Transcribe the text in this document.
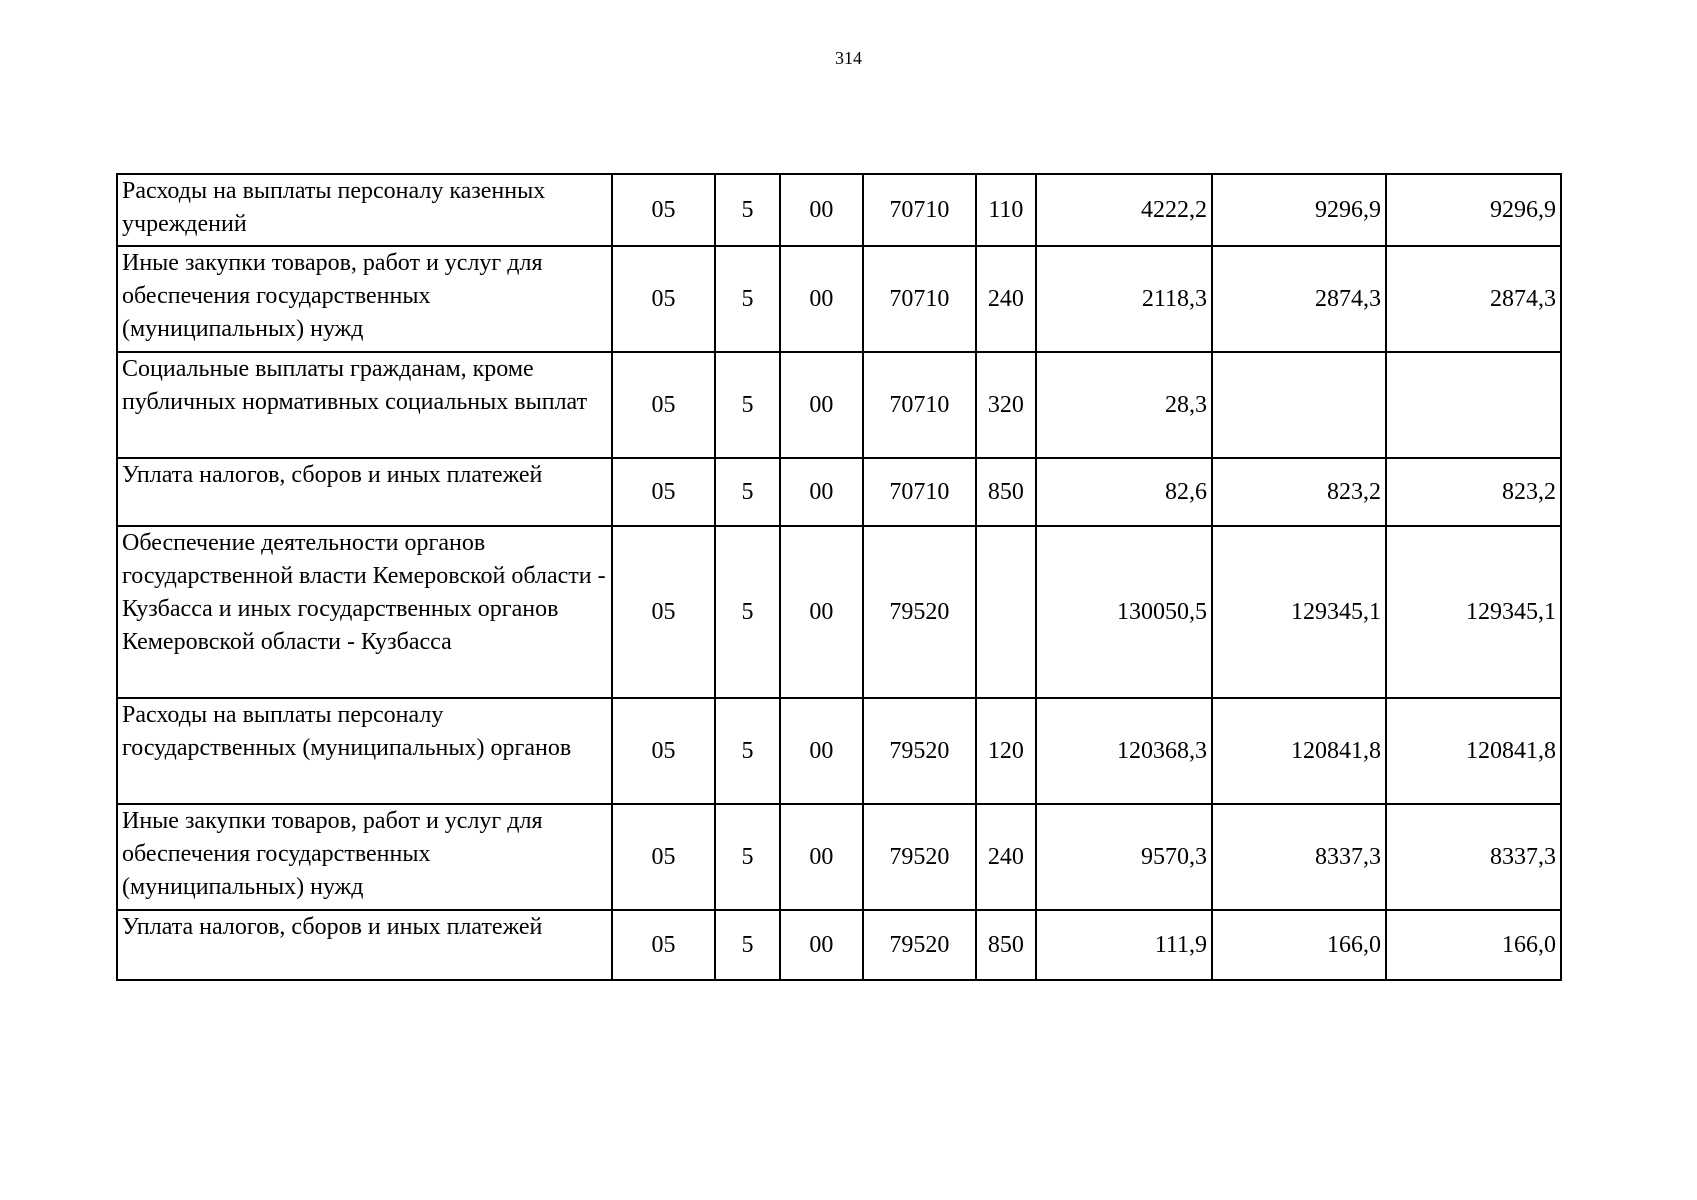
314
Расходы на выплаты персоналу казенных учреждений	05	5	00	70710	110	4222,2	9296,9	9296,9
Иные закупки товаров, работ и услуг для обеспечения государственных (муниципальных) нужд	05	5	00	70710	240	2118,3	2874,3	2874,3
Социальные выплаты гражданам, кроме публичных нормативных социальных выплат	05	5	00	70710	320	28,3		
Уплата налогов, сборов и иных платежей	05	5	00	70710	850	82,6	823,2	823,2
Обеспечение деятельности органов государственной власти Кемеровской области - Кузбасса и иных государственных органов Кемеровской области - Кузбасса	05	5	00	79520		130050,5	129345,1	129345,1
Расходы на выплаты персоналу государственных (муниципальных) органов	05	5	00	79520	120	120368,3	120841,8	120841,8
Иные закупки товаров, работ и услуг для обеспечения государственных (муниципальных) нужд	05	5	00	79520	240	9570,3	8337,3	8337,3
Уплата налогов, сборов и иных платежей	05	5	00	79520	850	111,9	166,0	166,0
